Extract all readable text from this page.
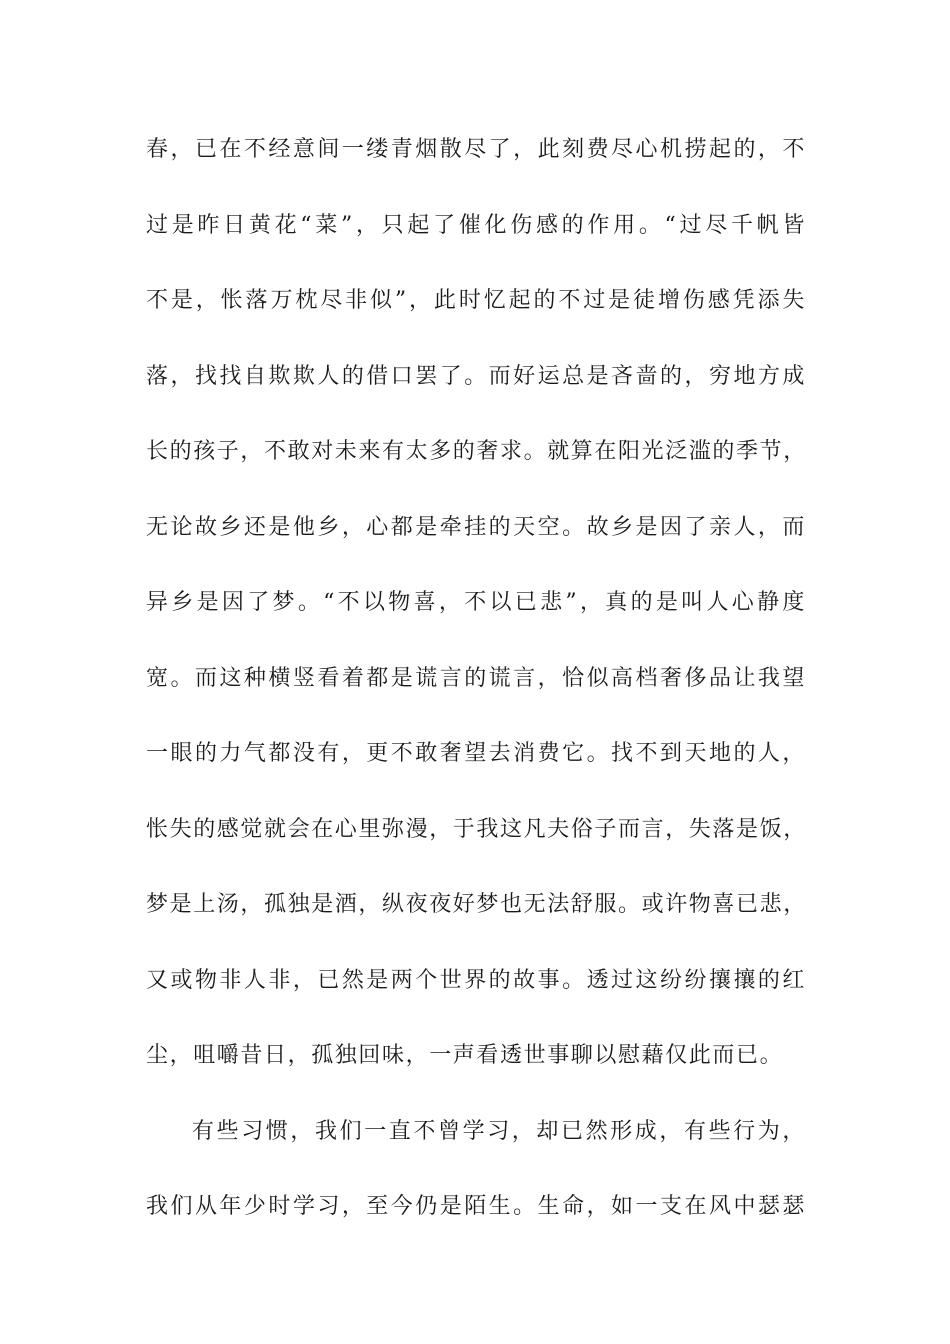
春，已在不经意间一缕青烟散尽了，此刻费尽心机捞起的，不
过是昨日黄花“菜”，只起了催化伤感的作用。“过尽千帆皆
不是，怅落万枕尽非似”，此时忆起的不过是徒增伤感凭添失
落，找找自欺欺人的借口罢了。而好运总是吝啬的，穷地方成
长的孩子，不敢对未来有太多的奢求。就算在阳光泛滥的季节，
无论故乡还是他乡，心都是牵挂的天空。故乡是因了亲人，而
异乡是因了梦。“不以物喜，不以已悲”，真的是叫人心静度
宽。而这种横竖看着都是谎言的谎言，恰似高档奢侈品让我望
一眼的力气都没有，更不敢奢望去消费它。找不到天地的人，
怅失的感觉就会在心里弥漫，于我这凡夫俗子而言，失落是饭，
梦是上汤，孤独是酒，纵夜夜好梦也无法舒服。或许物喜已悲，
又或物非人非，已然是两个世界的故事。透过这纷纷攘攘的红
尘，咀嚼昔日，孤独回味，一声看透世事聊以慰藉仅此而已。
有些习惯，我们一直不曾学习，却已然形成，有些行为，
我们从年少时学习，至今仍是陌生。生命，如一支在风中瑟瑟
